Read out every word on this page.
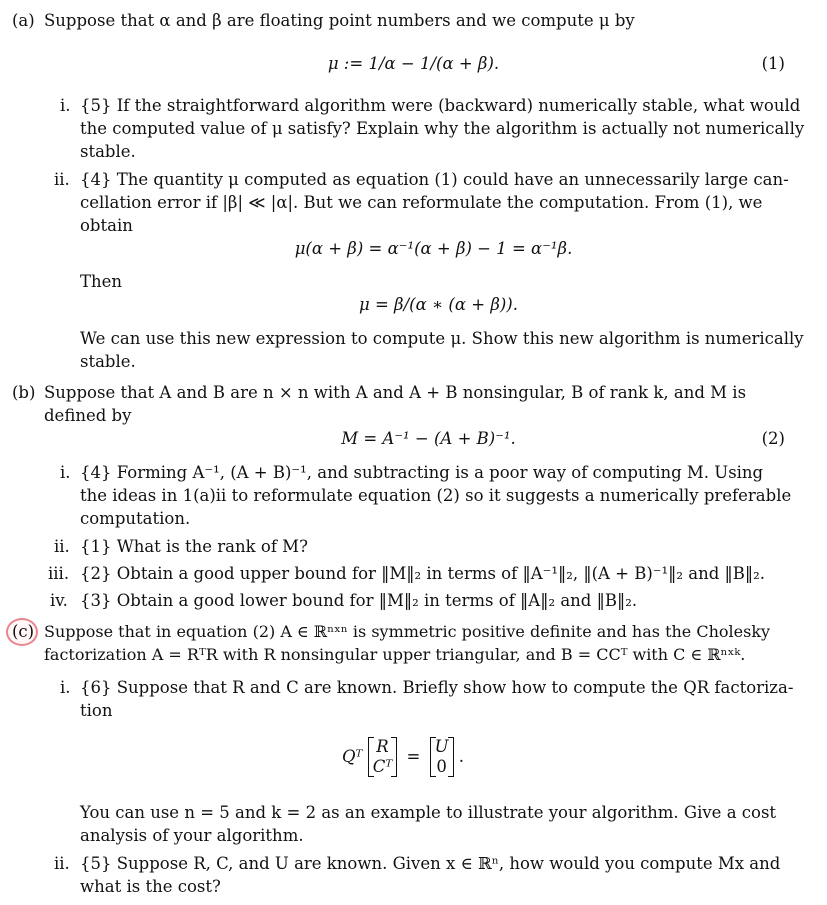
(a) Suppose that α and β are floating point numbers and we compute μ by
μ := 1/α − 1/(α + β).	(1)
i. {5} If the straightforward algorithm were (backward) numerically stable, what would
the computed value of μ satisfy? Explain why the algorithm is actually not numerically
stable.
ii. {4} The quantity μ computed as equation (1) could have an unnecessarily large can-
cellation error if |β| ≪ |α|. But we can reformulate the computation. From (1), we
obtain
μ(α + β) = α⁻¹(α + β) − 1 = α⁻¹β.
Then
μ = β/(α ∗ (α + β)).
We can use this new expression to compute μ. Show this new algorithm is numerically
stable.
(b) Suppose that A and B are n × n with A and A + B nonsingular, B of rank k, and M is
defined by
M = A⁻¹ − (A + B)⁻¹.	(2)
i. {4} Forming A⁻¹, (A + B)⁻¹, and subtracting is a poor way of computing M. Using
the ideas in 1(a)ii to reformulate equation (2) so it suggests a numerically preferable
computation.
ii. {1} What is the rank of M?
iii. {2} Obtain a good upper bound for ‖M‖₂ in terms of ‖A⁻¹‖₂, ‖(A + B)⁻¹‖₂ and ‖B‖₂.
iv. {3} Obtain a good lower bound for ‖M‖₂ in terms of ‖A‖₂ and ‖B‖₂.
(c) Suppose that in equation (2) A ∈ ℝⁿˣⁿ is symmetric positive definite and has the Cholesky
factorization A = RᵀR with R nonsingular upper triangular, and B = CCᵀ with C ∈ ℝⁿˣᵏ.
i. {6} Suppose that R and C are known. Briefly show how to compute the QR factoriza-
tion
Qᵀ
R
Cᵀ
=
U
0
.
You can use n = 5 and k = 2 as an example to illustrate your algorithm. Give a cost
analysis of your algorithm.
ii. {5} Suppose R, C, and U are known. Given x ∈ ℝⁿ, how would you compute Mx and
what is the cost?
